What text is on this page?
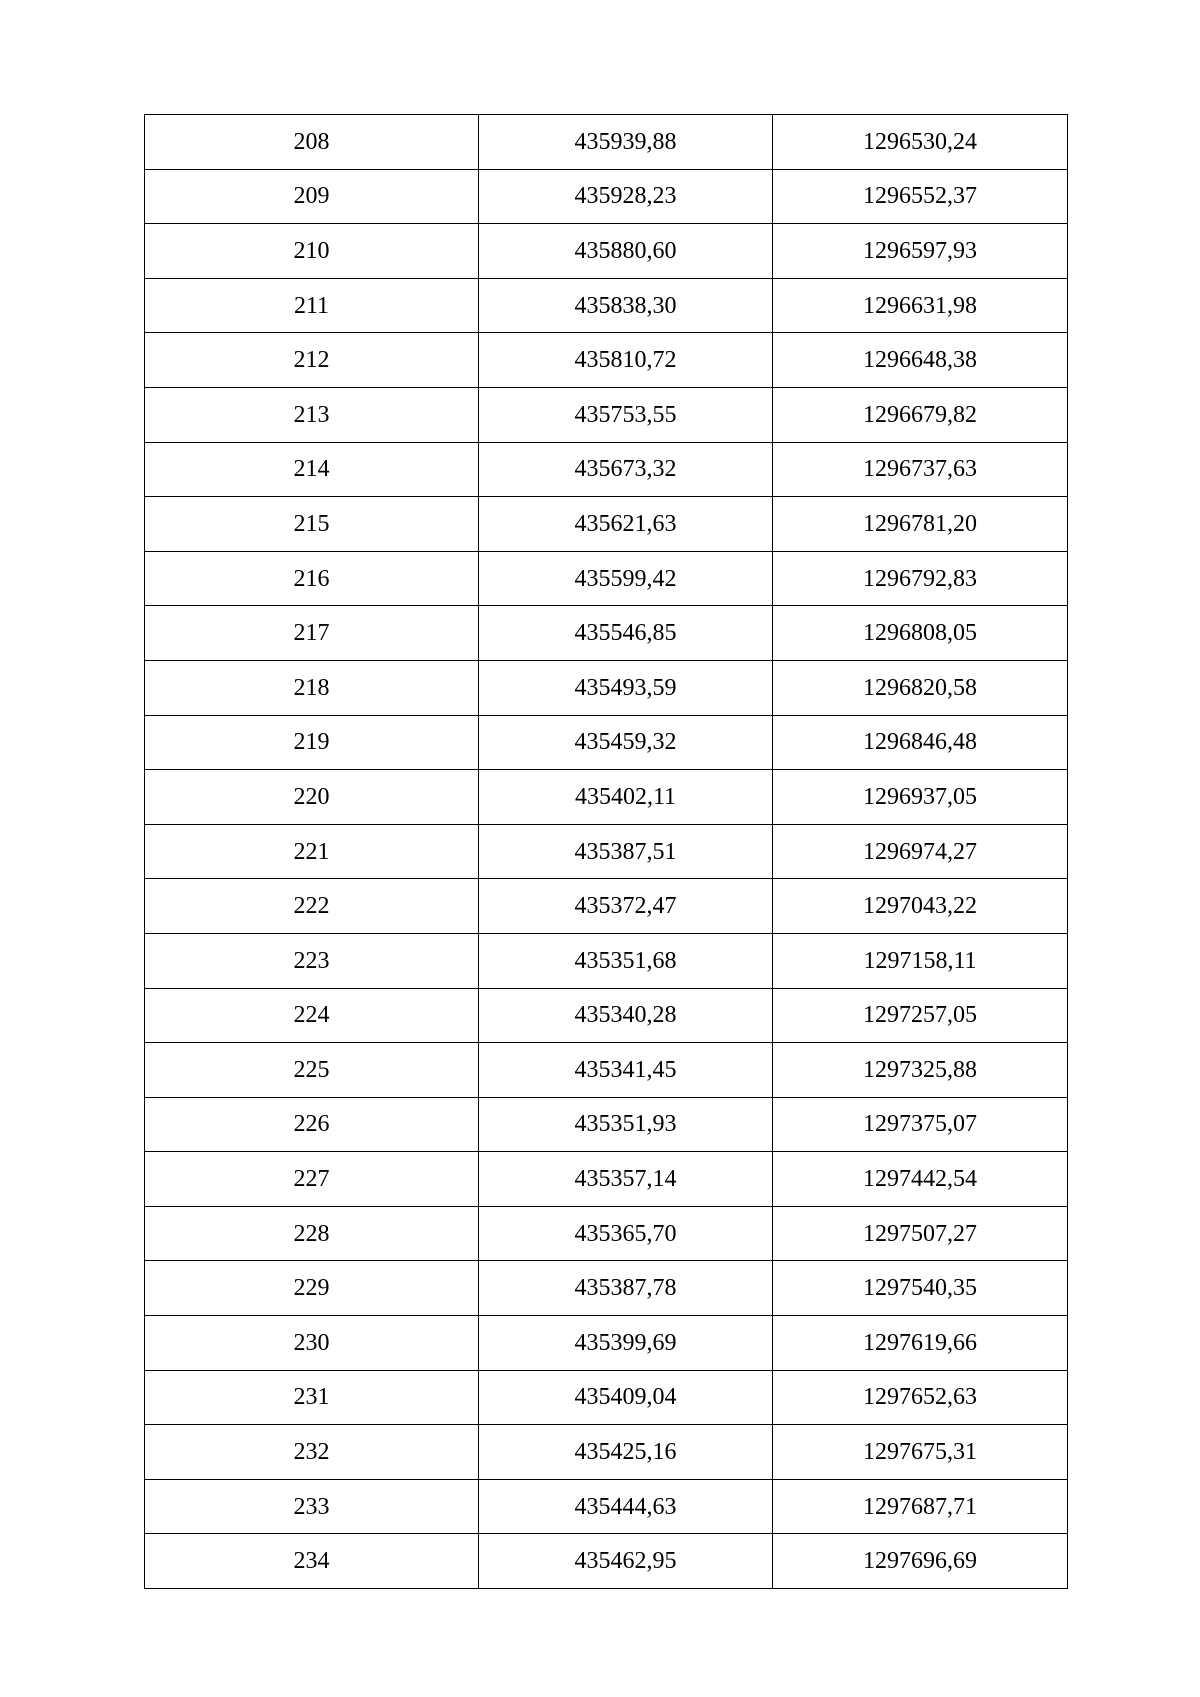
208	435939,88	1296530,24
209	435928,23	1296552,37
210	435880,60	1296597,93
211	435838,30	1296631,98
212	435810,72	1296648,38
213	435753,55	1296679,82
214	435673,32	1296737,63
215	435621,63	1296781,20
216	435599,42	1296792,83
217	435546,85	1296808,05
218	435493,59	1296820,58
219	435459,32	1296846,48
220	435402,11	1296937,05
221	435387,51	1296974,27
222	435372,47	1297043,22
223	435351,68	1297158,11
224	435340,28	1297257,05
225	435341,45	1297325,88
226	435351,93	1297375,07
227	435357,14	1297442,54
228	435365,70	1297507,27
229	435387,78	1297540,35
230	435399,69	1297619,66
231	435409,04	1297652,63
232	435425,16	1297675,31
233	435444,63	1297687,71
234	435462,95	1297696,69
